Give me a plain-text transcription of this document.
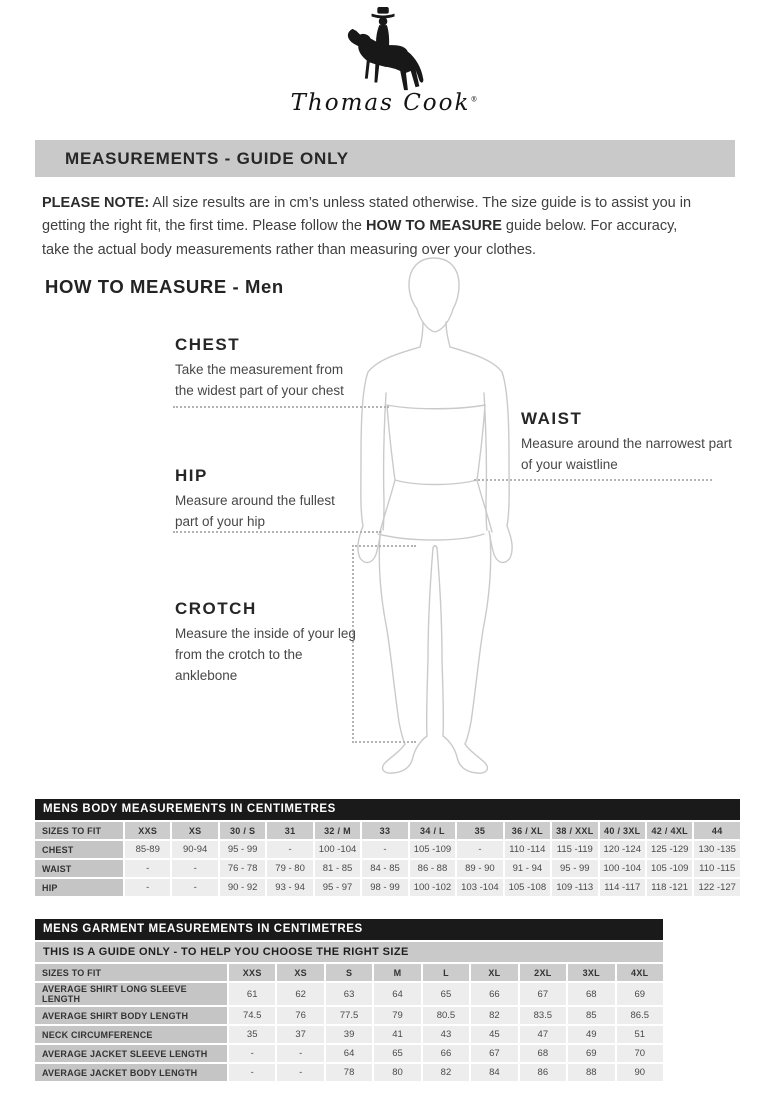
Thomas Cook®
MEASUREMENTS - GUIDE ONLY

PLEASE NOTE: All size results are in cm’s unless stated otherwise. The size guide is to assist you in getting the right fit, the first time. Please follow the HOW TO MEASURE guide below. For accuracy, take the actual body measurements rather than measuring over your clothes.

HOW TO MEASURE - Men
CHEST

Take the measurement from the widest part of your chest

WAIST

Measure around the narrowest part of your waistline

HIP

Measure around the fullest part of your hip

CROTCH

Measure the inside of your leg from the crotch to the anklebone

MENS BODY MEASUREMENTS IN CENTIMETRES
SIZES TO FIT	XXS	XS	30 / S	31	32 / M	33	34 / L	35	36 / XL	38 / XXL	40 / 3XL	42 / 4XL	44
CHEST	85-89	90-94	95 - 99	-	100 -104	-	105 -109	-	110 -114	115 -119	120 -124	125 -129	130 -135
WAIST	-	-	76 - 78	79 - 80	81 - 85	84 - 85	86 - 88	89 - 90	91 - 94	95 - 99	100 -104	105 -109	110 -115
HIP	-	-	90 - 92	93 - 94	95 - 97	98 - 99	100 -102	103 -104	105 -108	109 -113	114 -117	118 -121	122 -127
MENS GARMENT MEASUREMENTS IN CENTIMETRES
THIS IS A GUIDE ONLY - TO HELP YOU CHOOSE THE RIGHT SIZE
SIZES TO FIT	XXS	XS	S	M	L	XL	2XL	3XL	4XL
AVERAGE SHIRT LONG SLEEVE LENGTH	61	62	63	64	65	66	67	68	69
AVERAGE SHIRT BODY LENGTH	74.5	76	77.5	79	80.5	82	83.5	85	86.5
NECK CIRCUMFERENCE	35	37	39	41	43	45	47	49	51
AVERAGE JACKET SLEEVE LENGTH	-	-	64	65	66	67	68	69	70
AVERAGE JACKET BODY LENGTH	-	-	78	80	82	84	86	88	90
